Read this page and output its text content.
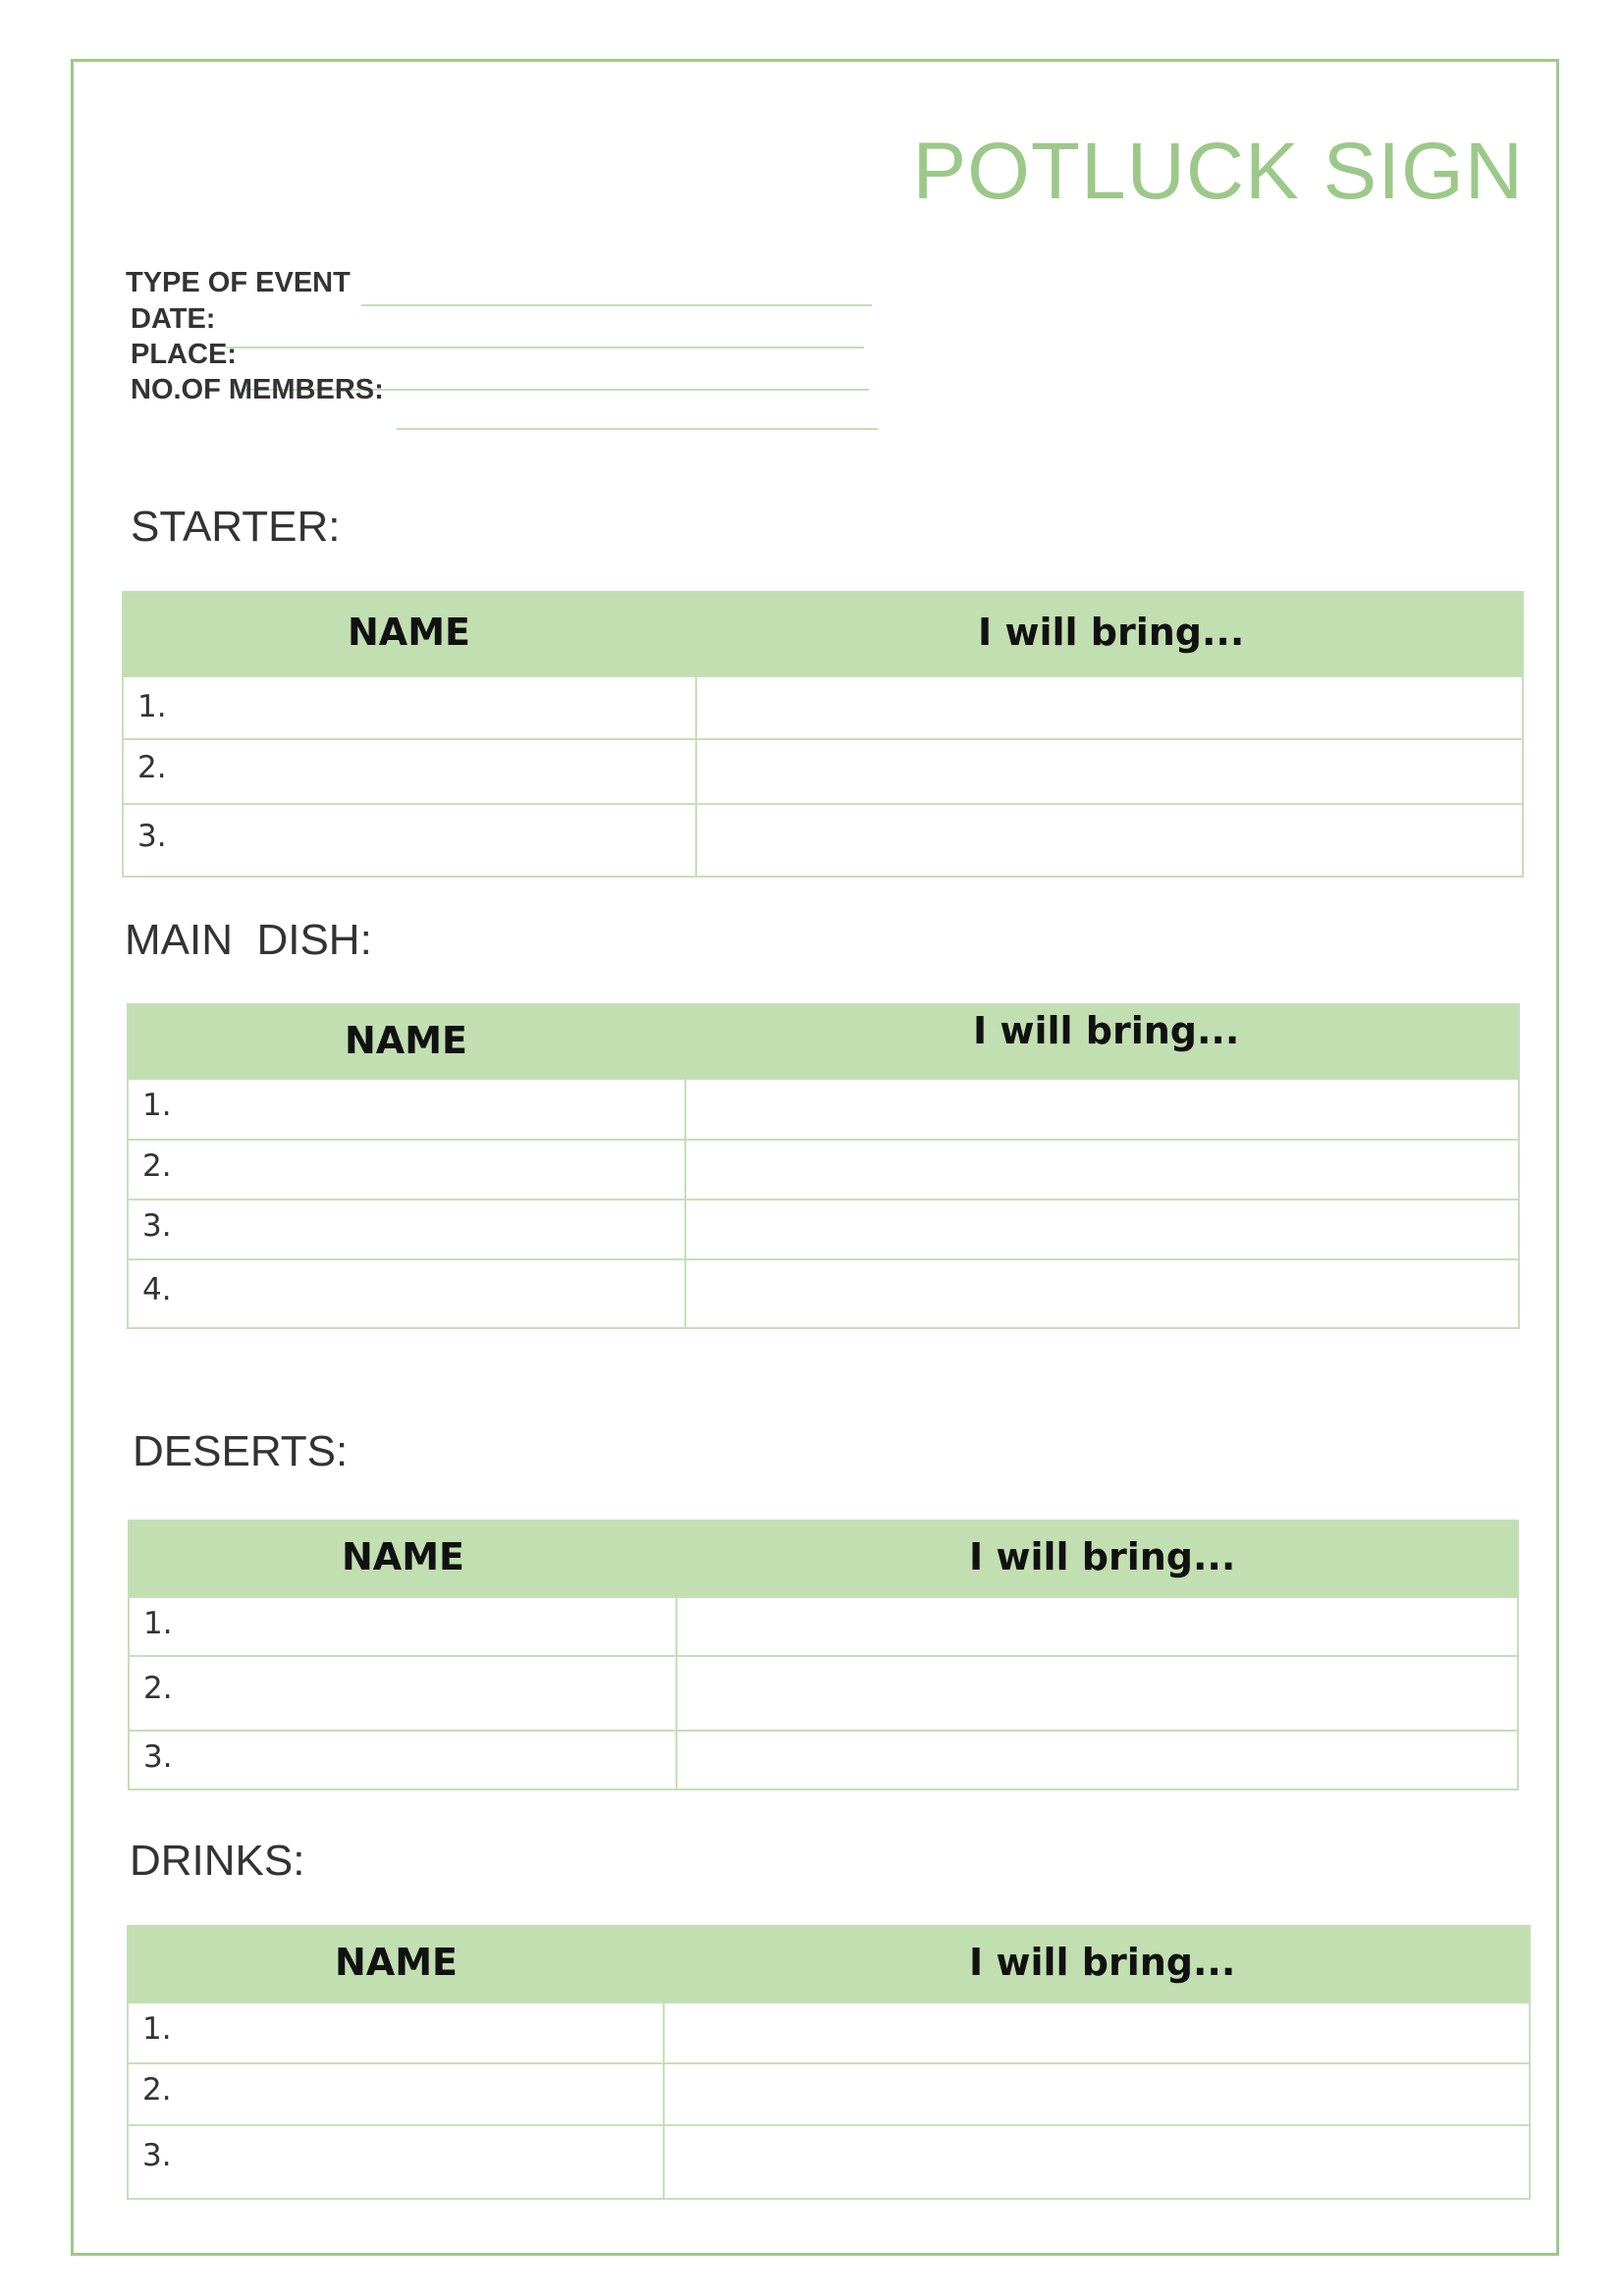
POTLUCK SIGN
TYPE OF EVENT
DATE:
PLACE:
NO.OF MEMBERS:
STARTER:
NAME	I will bring...
1.
2.
3.
MAIN  DISH:
NAME	I will bring...
1.
2.
3.
4.
DESERTS:
NAME	I will bring...
1.
2.
3.
DRINKS:
NAME	I will bring...
1.
2.
3.
